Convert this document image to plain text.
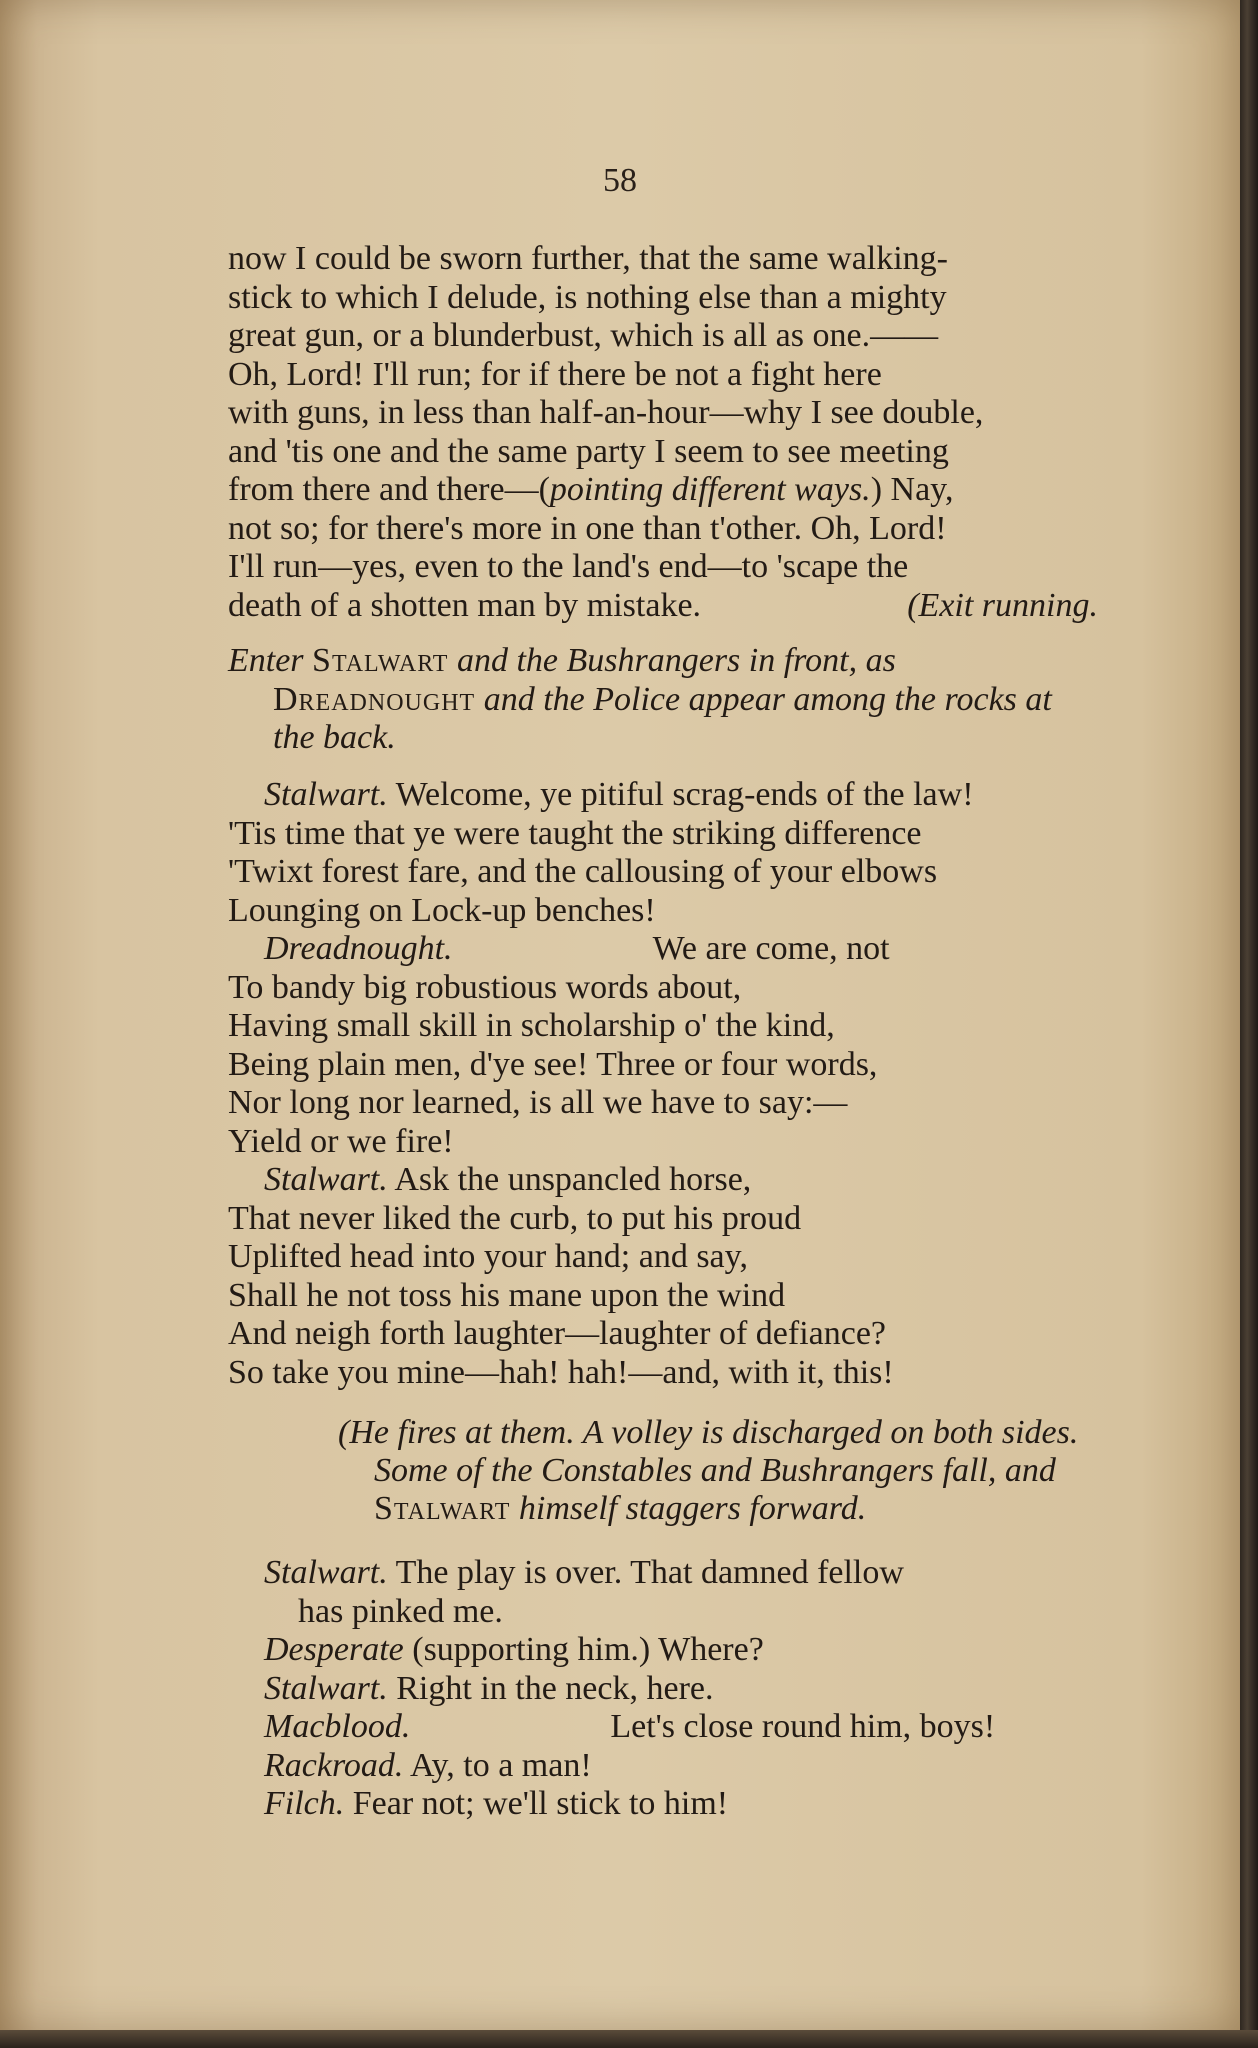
58

now I could be sworn further, that the same walking-

stick to which I delude, is nothing else than a mighty

great gun, or a blunderbust, which is all as one.——

Oh, Lord! I'll run; for if there be not a fight here

with guns, in less than half-an-hour—why I see double,

and 'tis one and the same party I seem to see meeting

from there and there—(pointing different ways.) Nay,

not so; for there's more in one than t'other. Oh, Lord!

I'll run—yes, even to the land's end—to 'scape the

death of a shotten man by mistake.	(Exit running.

Enter Stalwart and the Bushrangers in front, as Dreadnought and the Police appear among the rocks at the back.

Stalwart. Welcome, ye pitiful scrag-ends of the law!
'Tis time that ye were taught the striking difference
'Twixt forest fare, and the callousing of your elbows
Lounging on Lock-up benches!
Dreadnought.	We are come, not
To bandy big robustious words about,
Having small skill in scholarship o' the kind,
Being plain men, d'ye see! Three or four words,
Nor long nor learned, is all we have to say:—
Yield or we fire!
Stalwart. Ask the unspancled horse,
That never liked the curb, to put his proud
Uplifted head into your hand; and say,
Shall he not toss his mane upon the wind
And neigh forth laughter—laughter of defiance?
So take you mine—hah! hah!—and, with it, this!

(He fires at them. A volley is discharged on both sides. Some of the Constables and Bushrangers fall, and Stalwart himself staggers forward.

Stalwart. The play is over. That damned fellow
has pinked me.
Desperate (supporting him.) Where?
Stalwart. Right in the neck, here.
Macblood.	Let's close round him, boys!
Rackroad. Ay, to a man!
Filch. Fear not; we'll stick to him!
